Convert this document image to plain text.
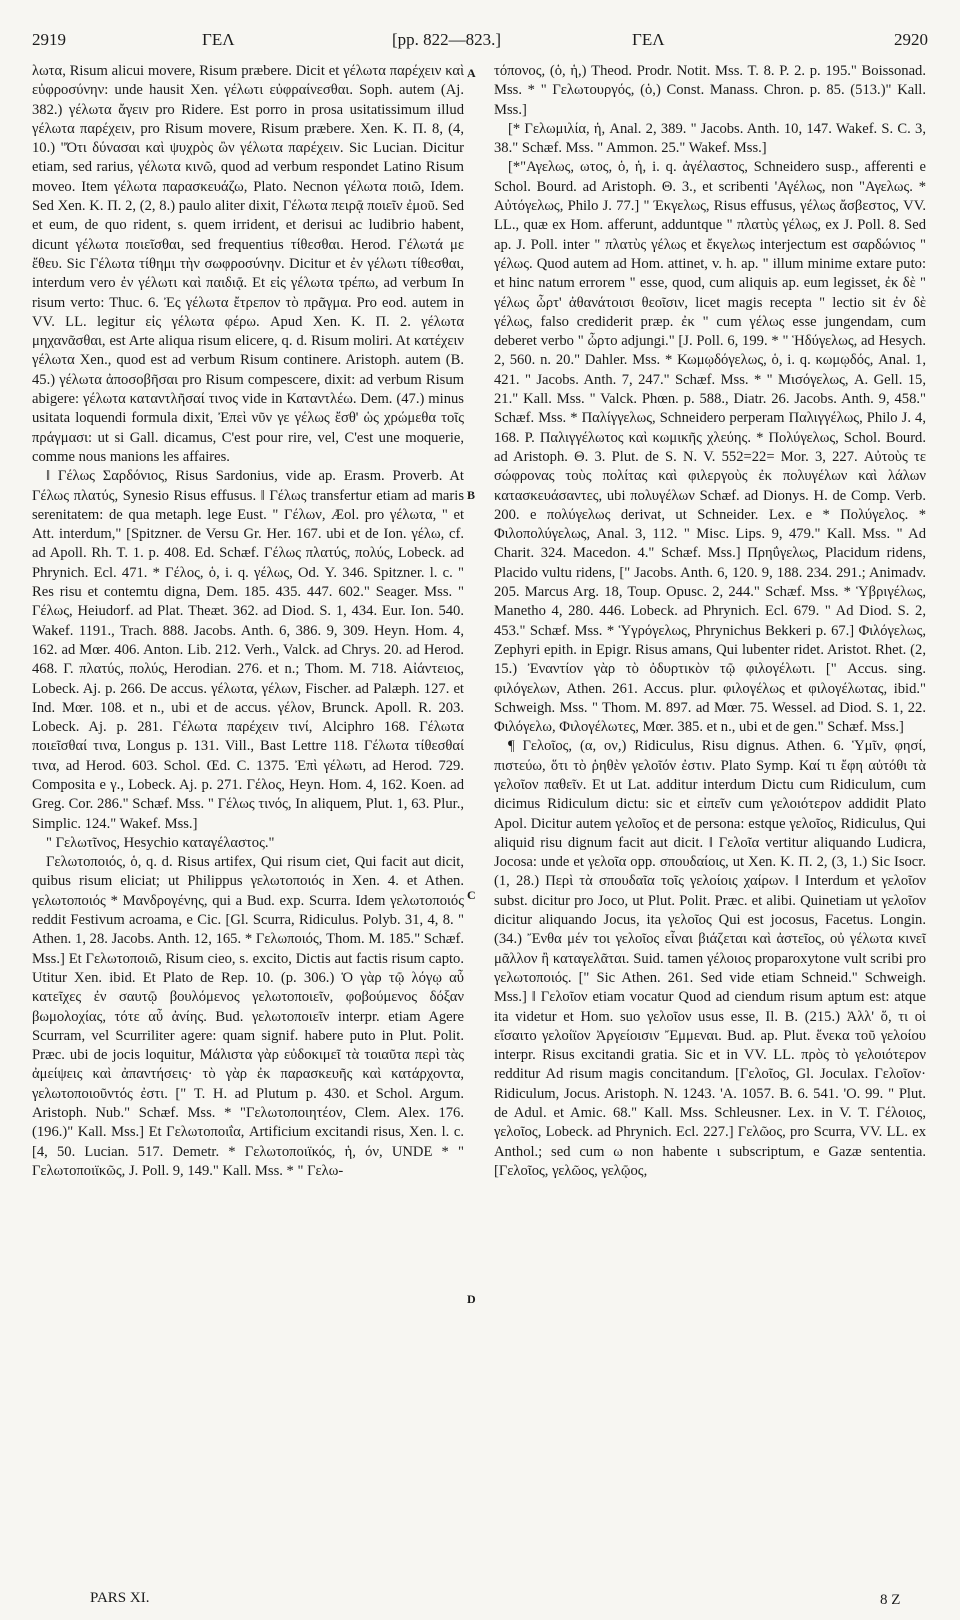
2919	ΓΕΛ	[pp. 822—823.]	ΓΕΛ	2920

λωτα, Risum alicui movere, Risum præbere. Dicit et γέλωτα παρέχειν καὶ εὐφροσύνην: unde hausit Xen. γέλωτι εὐφραίνεσθαι. Soph. autem (Aj. 382.) γέλωτα ἄγειν pro Ridere. Est porro in prosa usitatissimum illud γέλωτα παρέχειν, pro Risum movere, Risum præbere. Xen. K. Π. 8, (4, 10.) "Ότι δύνασαι καὶ ψυχρὸς ὢν γέλωτα παρέχειν. Sic Lucian. Dicitur etiam, sed rarius, γέλωτα κινῶ, quod ad verbum respondet Latino Risum moveo. Item γέλωτα παρασκευάζω, Plato. Necnon γέλωτα ποιῶ, Idem. Sed Xen. K. Π. 2, (2, 8.) paulo aliter dixit, Γέλωτα πειρᾷ ποιεῖν ἐμοῦ. Sed et eum, de quo rident, s. quem irrident, et derisui ac ludibrio habent, dicunt γέλωτα ποιεῖσθαι, sed frequentius τίθεσθαι. Herod. Γέλωτά με ἔθευ. Sic Γέλωτα τίθημι τὴν σωφροσύνην. Dicitur et ἐν γέλωτι τίθεσθαι, interdum vero ἐν γέλωτι καὶ παιδιᾷ. Et εἰς γέλωτα τρέπω, ad verbum In risum verto: Thuc. 6. Ἐς γέλωτα ἔτρεπον τὸ πρᾶγμα. Pro eod. autem in VV. LL. legitur εἰς γέλωτα φέρω. Apud Xen. K. Π. 2. γέλωτα μηχανᾶσθαι, est Arte aliqua risum elicere, q. d. Risum moliri. At κατέχειν γέλωτα Xen., quod est ad verbum Risum continere. Aristoph. autem (B. 45.) γέλωτα ἀποσοβῆσαι pro Risum compescere, dixit: ad verbum Risum abigere: γέλωτα καταντλῆσαί τινος vide in Καταντλέω. Dem. (47.) minus usitata loquendi formula dixit, Ἐπεὶ νῦν γε γέλως ἔσθ' ὡς χρώμεθα τοῖς πράγμασι: ut si Gall. dicamus, C'est pour rire, vel, C'est une moquerie, comme nous manions les affaires.

‖ Γέλως Σαρδόνιος, Risus Sardonius, vide ap. Erasm. Proverb. At Γέλως πλατύς, Synesio Risus effusus. ‖ Γέλως transfertur etiam ad maris serenitatem: de qua metaph. lege Eust. " Γέλων, Æol. pro γέλωτα, " et Att. interdum," [Spitzner. de Versu Gr. Her. 167. ubi et de Ion. γέλω, cf. ad Apoll. Rh. T. 1. p. 408. Ed. Schæf. Γέλως πλατύς, πολύς, Lobeck. ad Phrynich. Ecl. 471. * Γέλος, ὁ, i. q. γέλως, Od. Υ. 346. Spitzner. l. c. " Res risu et contemtu digna, Dem. 185. 435. 447. 602." Seager. Mss. " Γέλως, Heiudorf. ad Plat. Theæt. 362. ad Diod. S. 1, 434. Eur. Ion. 540. Wakef. 1191., Trach. 888. Jacobs. Anth. 6, 386. 9, 309. Heyn. Hom. 4, 162. ad Mœr. 406. Anton. Lib. 212. Verh., Valck. ad Chrys. 20. ad Herod. 468. Γ. πλατύς, πολύς, Herodian. 276. et n.; Thom. M. 718. Αἰάντειος, Lobeck. Aj. p. 266. De accus. γέλωτα, γέλων, Fischer. ad Palæph. 127. et Ind. Mœr. 108. et n., ubi et de accus. γέλον, Brunck. Apoll. R. 203. Lobeck. Aj. p. 281. Γέλωτα παρέχειν τινί, Alciphro 168. Γέλωτα ποιεῖσθαί τινα, Longus p. 131. Vill., Bast Lettre 118. Γέλωτα τίθεσθαί τινα, ad Herod. 603. Schol. Œd. C. 1375. Ἐπὶ γέλωτι, ad Herod. 729. Composita e γ., Lobeck. Aj. p. 271. Γέλος, Heyn. Hom. 4, 162. Koen. ad Greg. Cor. 286." Schæf. Mss. " Γέλως τινός, In aliquem, Plut. 1, 63. Plur., Simplic. 124." Wakef. Mss.]

" Γελωτῖνος, Hesychio καταγέλαστος."

Γελωτοποιός, ὁ, q. d. Risus artifex, Qui risum ciet, Qui facit aut dicit, quibus risum eliciat; ut Philippus γελωτοποιός in Xen. 4. et Athen. γελωτοποιός * Μανδρογένης, qui a Bud. exp. Scurra. Idem γελωτοποιός reddit Festivum acroama, e Cic. [Gl. Scurra, Ridiculus. Polyb. 31, 4, 8. " Athen. 1, 28. Jacobs. Anth. 12, 165. * Γελωποιός, Thom. M. 185." Schæf. Mss.] Et Γελωτοποιῶ, Risum cieo, s. excito, Dictis aut factis risum capto. Utitur Xen. ibid. Et Plato de Rep. 10. (p. 306.) Ὁ γὰρ τῷ λόγῳ αὖ κατεῖχες ἐν σαυτῷ βουλόμενος γελωτοποιεῖν, φοβούμενος δόξαν βωμολοχίας, τότε αὖ ἀνίης. Bud. γελωτοποιεῖν interpr. etiam Agere Scurram, vel Scurriliter agere: quam signif. habere puto in Plut. Polit. Præc. ubi de jocis loquitur, Μάλιστα γὰρ εὐδοκιμεῖ τὰ τοιαῦτα περὶ τὰς ἀμείψεις καὶ ἀπαντήσεις· τὸ γὰρ ἐκ παρασκευῆς καὶ κατάρχοντα, γελωτοποιοῦντός ἐστι. [" T. H. ad Plutum p. 430. et Schol. Argum. Aristoph. Nub." Schæf. Mss. * "Γελωτοποιητέον, Clem. Alex. 176. (196.)" Kall. Mss.] Et Γελωτοποιΐα, Artificium excitandi risus, Xen. l. c. [4, 50. Lucian. 517. Demetr. * Γελωτοποιϊκός, ἡ, όν, UNDE * " Γελωτοποιϊκῶς, J. Poll. 9, 149." Kall. Mss. * " Γελω-

A
B
C
D

τόπονος, (ὁ, ἡ,) Theod. Prodr. Notit. Mss. T. 8. P. 2. p. 195." Boissonad. Mss. * " Γελωτουργός, (ὁ,) Const. Manass. Chron. p. 85. (513.)" Kall. Mss.]

[* Γελωμιλία, ἡ, Anal. 2, 389. " Jacobs. Anth. 10, 147. Wakef. S. C. 3, 38." Schæf. Mss. " Ammon. 25." Wakef. Mss.]

[*"Αγελως, ωτος, ὁ, ἡ, i. q. ἀγέλαστος, Schneidero susp., afferenti e Schol. Bourd. ad Aristoph. Θ. 3., et scribenti 'Αγέλως, non "Αγελως. * Αὐτόγελως, Philo J. 77.] " Έκγελως, Risus effusus, γέλως ἄσβεστος, VV. LL., quæ ex Hom. afferunt, adduntque " πλατὺς γέλως, ex J. Poll. 8. Sed ap. J. Poll. inter " πλατὺς γέλως et ἔκγελως interjectum est σαρδώνιος " γέλως. Quod autem ad Hom. attinet, v. h. ap. " illum minime extare puto: et hinc natum errorem " esse, quod, cum aliquis ap. eum legisset, ἐκ δὲ " γέλως ὦρτ' ἀθανάτοισι θεοῖσιν, licet magis recepta " lectio sit ἐν δὲ γέλως, falso crediderit præp. ἐκ " cum γέλως esse jungendam, cum deberet verbo " ὦρτο adjungi." [J. Poll. 6, 199. * " Ἡδύγελως, ad Hesych. 2, 560. n. 20." Dahler. Mss. * Κωμῳδόγελως, ὁ, i. q. κωμῳδός, Anal. 1, 421. " Jacobs. Anth. 7, 247." Schæf. Mss. * " Μισόγελως, A. Gell. 15, 21." Kall. Mss. " Valck. Phœn. p. 588., Diatr. 26. Jacobs. Anth. 9, 458." Schæf. Mss. * Παλίγγελως, Schneidero perperam Παλιγγέλως, Philo J. 4, 168. P. Παλιγγέλωτος καὶ κωμικῆς χλεύης. * Πολύγελως, Schol. Bourd. ad Aristoph. Θ. 3. Plut. de S. N. V. 552=22= Mor. 3, 227. Αὐτοὺς τε σώφρονας τοὺς πολίτας καὶ φιλεργοὺς ἐκ πολυγέλων καὶ λάλων κατασκευάσαντες, ubi πολυγέλων Schæf. ad Dionys. H. de Comp. Verb. 200. e πολύγελως derivat, ut Schneider. Lex. e * Πολύγελος. * Φιλοπολύγελως, Anal. 3, 112. " Misc. Lips. 9, 479." Kall. Mss. " Ad Charit. 324. Macedon. 4." Schæf. Mss.] Πρηΰγελως, Placidum ridens, Placido vultu ridens, [" Jacobs. Anth. 6, 120. 9, 188. 234. 291.; Animadv. 205. Marcus Arg. 18, Toup. Opusc. 2, 244." Schæf. Mss. * Ὑβριγέλως, Manetho 4, 280. 446. Lobeck. ad Phrynich. Ecl. 679. " Ad Diod. S. 2, 453." Schæf. Mss. * Ὑγρόγελως, Phrynichus Bekkeri p. 67.] Φιλόγελως, Zephyri epith. in Epigr. Risus amans, Qui lubenter ridet. Aristot. Rhet. (2, 15.) Ἐναντίον γὰρ τὸ ὀδυρτικὸν τῷ φιλογέλωτι. [" Accus. sing. φιλόγελων, Athen. 261. Accus. plur. φιλογέλως et φιλογέλωτας, ibid." Schweigh. Mss. " Thom. M. 897. ad Mœr. 75. Wessel. ad Diod. S. 1, 22. Φιλόγελω, Φιλογέλωτες, Mœr. 385. et n., ubi et de gen." Schæf. Mss.]

¶ Γελοῖος, (α, ον,) Ridiculus, Risu dignus. Athen. 6. Ὑμῖν, φησί, πιστεύω, ὅτι τὸ ῥηθὲν γελοῖόν ἐστιν. Plato Symp. Καί τι ἔφη αὐτόθι τὰ γελοῖον παθεῖν. Et ut Lat. additur interdum Dictu cum Ridiculum, cum dicimus Ridiculum dictu: sic et εἰπεῖν cum γελοιότερον addidit Plato Apol. Dicitur autem γελοῖος et de persona: estque γελοῖος, Ridiculus, Qui aliquid risu dignum facit aut dicit. ‖ Γελοῖα vertitur aliquando Ludicra, Jocosa: unde et γελοῖα opp. σπουδαίοις, ut Xen. K. Π. 2, (3, 1.) Sic Isocr. (1, 28.) Περὶ τὰ σπουδαῖα τοῖς γελοίοις χαίρων. ‖ Interdum et γελοῖον subst. dicitur pro Joco, ut Plut. Polit. Præc. et alibi. Quinetiam ut γελοῖον dicitur aliquando Jocus, ita γελοῖος Qui est jocosus, Facetus. Longin. (34.) Ἔνθα μέν τοι γελοῖος εἶναι βιάζεται καὶ ἀστεῖος, οὐ γέλωτα κινεῖ μᾶλλον ἢ καταγελᾶται. Suid. tamen γέλοιος proparoxytone vult scribi pro γελωτοποιός. [" Sic Athen. 261. Sed vide etiam Schneid." Schweigh. Mss.] ‖ Γελοῖον etiam vocatur Quod ad ciendum risum aptum est: atque ita videtur et Hom. suo γελοῖον usus esse, Il. B. (215.) Ἀλλ' ὅ, τι οἱ εἴσαιτο γελοίϊον Ἀργείοισιν Ἔμμεναι. Bud. ap. Plut. ἕνεκα τοῦ γελοίου interpr. Risus excitandi gratia. Sic et in VV. LL. πρὸς τὸ γελοιότερον redditur Ad risum magis concitandum. [Γελοῖος, Gl. Joculax. Γελοῖον· Ridiculum, Jocus. Aristoph. N. 1243. 'A. 1057. B. 6. 541. 'O. 99. " Plut. de Adul. et Amic. 68." Kall. Mss. Schleusner. Lex. in V. T. Γέλοιος, γελοῖος, Lobeck. ad Phrynich. Ecl. 227.] Γελῶος, pro Scurra, VV. LL. ex Anthol.; sed cum ω non habente ι subscriptum, e Gazæ sententia. [Γελοῖος, γελῶος, γελῷος,

PARS XI.	8 Z
